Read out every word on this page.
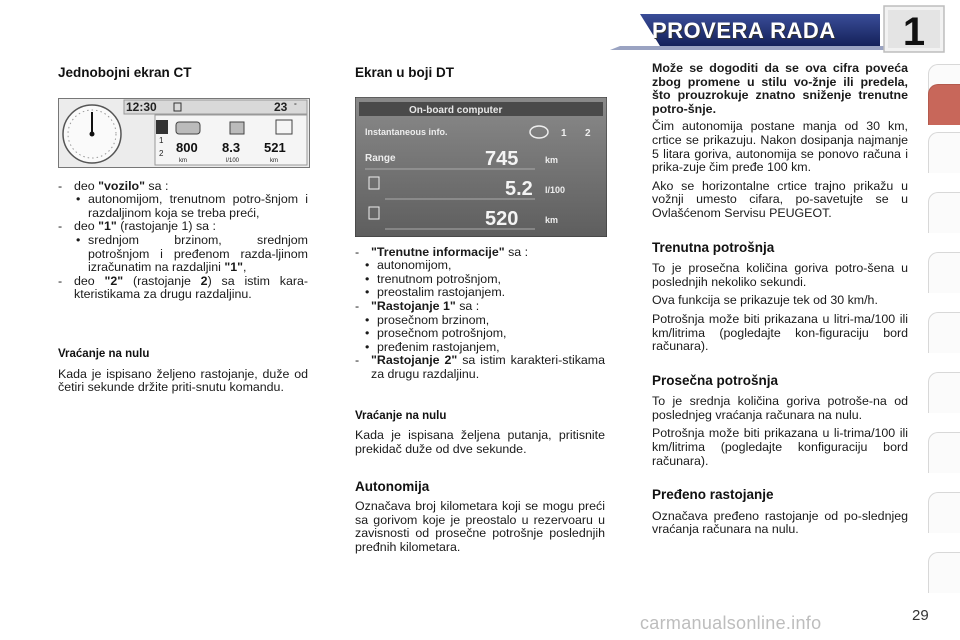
PROVERA RADA	1
Jednobojni ekran CT
12:30	23 °
1
2 800 8.3 521
km	l/100	km
- deo "vozilo" sa :
• autonomijom, trenutnom potro-šnjom i razdaljinom koja se treba preći,
- deo "1" (rastojanje 1) sa :
• srednjom brzinom, srednjom potrošnjom i pređenom razda-ljinom izračunatim na razdaljini "1",
- deo "2" (rastojanje 2) sa istim kara-kteristikama za drugu razdaljinu.
Vraćanje na nulu

Kada je ispisano željeno rastojanje, duže od četiri sekunde držite priti-snutu komandu.

Ekran u boji DT
On-board computer
Instantaneous info.	1 2
Range	745	km
5.2 l/100
520	km
- "Trenutne informacije" sa :
• autonomijom,
• trenutnom potrošnjom,
• preostalim rastojanjem.
- "Rastojanje 1" sa :
• prosečnom brzinom,
• prosečnom potrošnjom,
• pređenim rastojanjem,
- "Rastojanje 2" sa istim karakteri-stikama za drugu razdaljinu.
Vraćanje na nulu

Kada je ispisana željena putanja, pritisnite prekidač duže od dve sekunde.

Autonomija

Označava broj kilometara koji se mogu preći sa gorivom koje je preostalo u rezervoaru u zavisnosti od prosečne potrošnje poslednjih pređnih kilometara.

Može se dogoditi da se ova cifra poveća zbog promene u stilu vo-žnje ili predela, što prouzrokuje znatno sniženje trenutne potro-šnje.

Čim autonomija postane manja od 30 km, crtice se prikazuju. Nakon dosipanja najmanje 5 litara goriva, autonomija se ponovo računa i prika-zuje čim pređe 100 km.

Ako se horizontalne crtice trajno prikažu u vožnji umesto cifara, po-savetujte se u Ovlašćenom Servisu PEUGEOT.

Trenutna potrošnja

To je prosečna količina goriva potro-šena u poslednjih nekoliko sekundi.

Ova funkcija se prikazuje tek od 30 km/h.

Potrošnja može biti prikazana u litri-ma/100 ili km/litrima (pogledajte kon-figuraciju bord računara).

Prosečna potrošnja

To je srednja količina goriva potroše-na od poslednjeg vraćanja računara na nulu.

Potrošnja može biti prikazana u li-trima/100 ili km/litrima (pogledajte konfiguraciju bord računara).

Pređeno rastojanje

Označava pređeno rastojanje od po-slednjeg vraćanja računara na nulu.

carmanualsonline.info	29
